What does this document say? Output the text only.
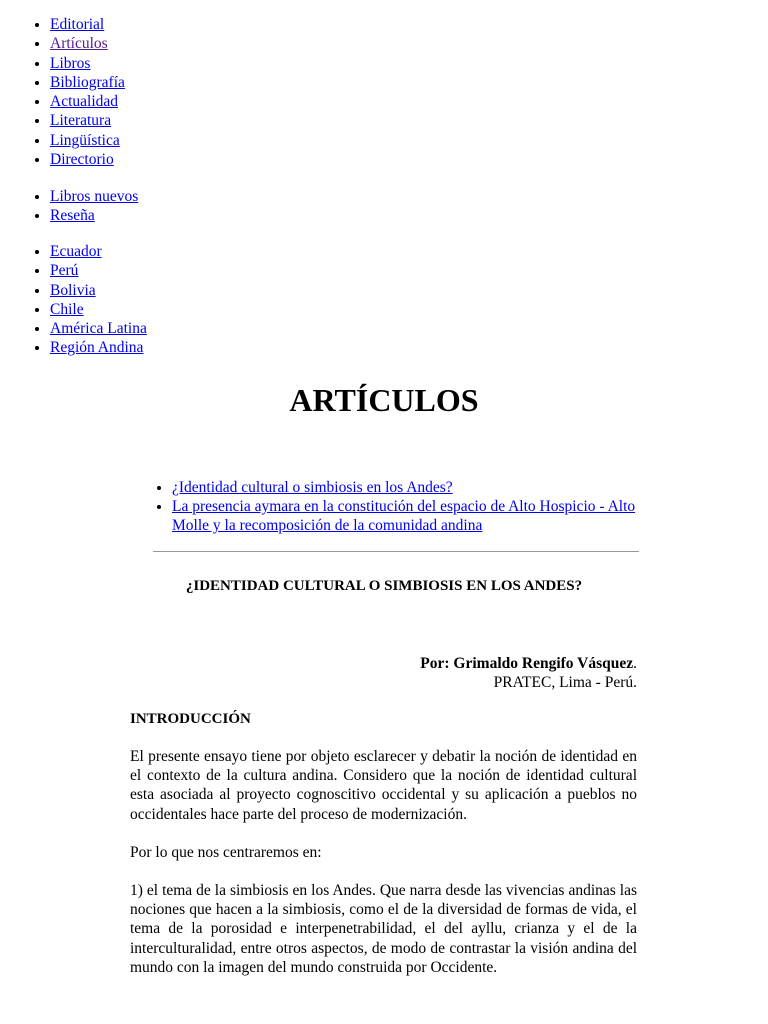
• Editorial
• Artículos
• Libros
• Bibliografía
• Actualidad
• Literatura
• Lingüística
• Directorio
• Libros nuevos
• Reseña
• Ecuador
• Perú
• Bolivia
• Chile
• América Latina
• Región Andina
ARTÍCULOS
• ¿Identidad cultural o simbiosis en los Andes?
• La presencia aymara en la constitución del espacio de Alto Hospicio - Alto Molle y la recomposición de la comunidad andina
¿IDENTIDAD CULTURAL O SIMBIOSIS EN LOS ANDES?
Por: Grimaldo Rengifo Vásquez.
PRATEC, Lima - Perú.
INTRODUCCIÓN

El presente ensayo tiene por objeto esclarecer y debatir la noción de identidad en el contexto de la cultura andina. Considero que la noción de identidad cultural esta asociada al proyecto cognoscitivo occidental y su aplicación a pueblos no occidentales hace parte del proceso de modernización.

Por lo que nos centraremos en:

1) el tema de la simbiosis en los Andes. Que narra desde las vivencias andinas las nociones que hacen a la simbiosis, como el de la diversidad de formas de vida, el tema de la porosidad e interpenetrabilidad, el del ayllu, crianza y el de la interculturalidad, entre otros aspectos, de modo de contrastar la visión andina del mundo con la imagen del mundo construida por Occidente.
